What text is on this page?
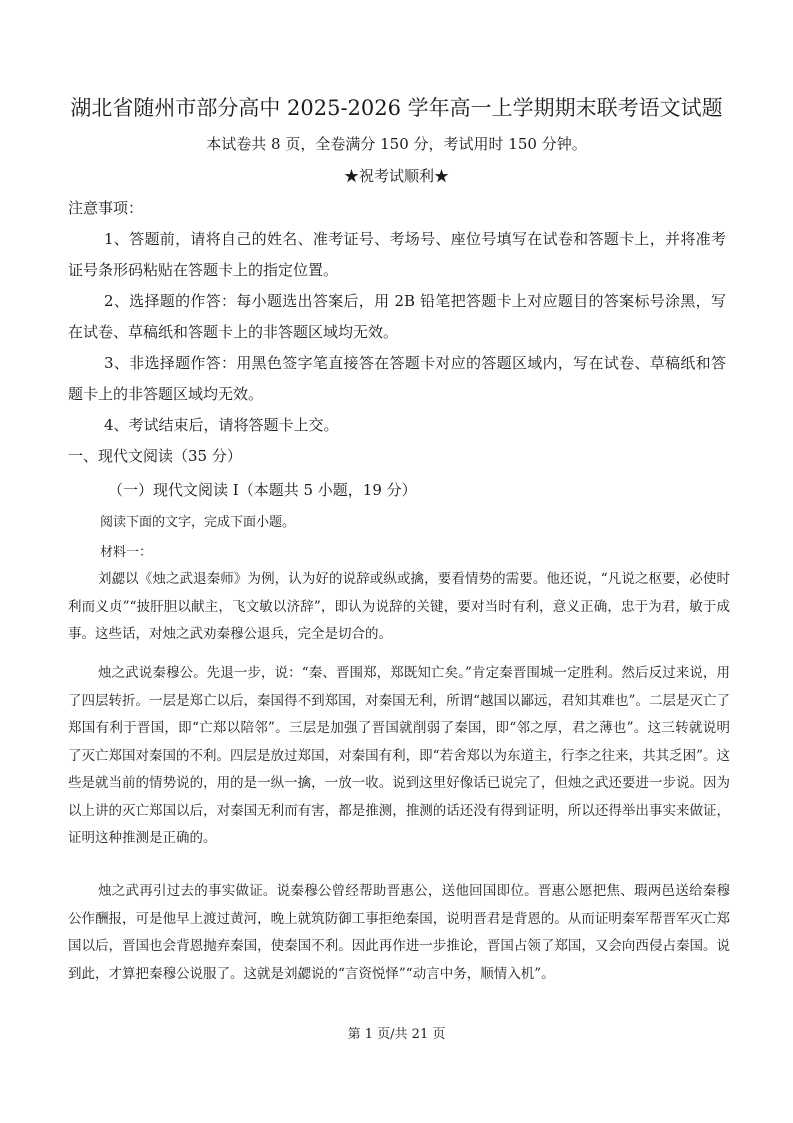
湖北省随州市部分高中 2025-2026 学年高一上学期期末联考语文试题
本试卷共 8 页，全卷满分 150 分，考试用时 150 分钟。
★祝考试顺利★
注意事项：
1、答题前，请将自己的姓名、准考证号、考场号、座位号填写在试卷和答题卡上，并将准考证号条形码粘贴在答题卡上的指定位置。
2、选择题的作答：每小题选出答案后，用 2B 铅笔把答题卡上对应题目的答案标号涂黑，写在试卷、草稿纸和答题卡上的非答题区域均无效。
3、非选择题作答：用黑色签字笔直接答在答题卡对应的答题区域内，写在试卷、草稿纸和答题卡上的非答题区域均无效。
4、考试结束后，请将答题卡上交。
一、现代文阅读（35 分）
（一）现代文阅读 I（本题共 5 小题，19 分）
阅读下面的文字，完成下面小题。
材料一：
刘勰以《烛之武退秦师》为例，认为好的说辞或纵或擒，要看情势的需要。他还说，“凡说之枢要，必使时利而义贞”“披肝胆以献主，飞文敏以济辞”，即认为说辞的关键，要对当时有利，意义正确，忠于为君，敏于成事。这些话，对烛之武劝秦穆公退兵，完全是切合的。
烛之武说秦穆公。先退一步，说：“秦、晋围郑，郑既知亡矣。”肯定秦晋围城一定胜利。然后反过来说，用了四层转折。一层是郑亡以后，秦国得不到郑国，对秦国无利，所谓“越国以鄙远，君知其难也”。二层是灭亡了郑国有利于晋国，即“亡郑以陪邻”。三层是加强了晋国就削弱了秦国，即“邻之厚，君之薄也”。这三转就说明了灭亡郑国对秦国的不利。四层是放过郑国，对秦国有利，即“若舍郑以为东道主，行李之往来，共其乏困”。这些是就当前的情势说的，用的是一纵一擒，一放一收。说到这里好像话已说完了，但烛之武还要进一步说。因为以上讲的灭亡郑国以后，对秦国无利而有害，都是推测，推测的话还没有得到证明，所以还得举出事实来做证，证明这种推测是正确的。
烛之武再引过去的事实做证。说秦穆公曾经帮助晋惠公，送他回国即位。晋惠公愿把焦、瑕两邑送给秦穆公作酬报，可是他早上渡过黄河，晚上就筑防御工事拒绝秦国，说明晋君是背恩的。从而证明秦军帮晋军灭亡郑国以后，晋国也会背恩抛弃秦国，使秦国不利。因此再作进一步推论，晋国占领了郑国，又会向西侵占秦国。说到此，才算把秦穆公说服了。这就是刘勰说的“言资悦怿”“动言中务，顺情入机”。
第 1 页/共 21 页
